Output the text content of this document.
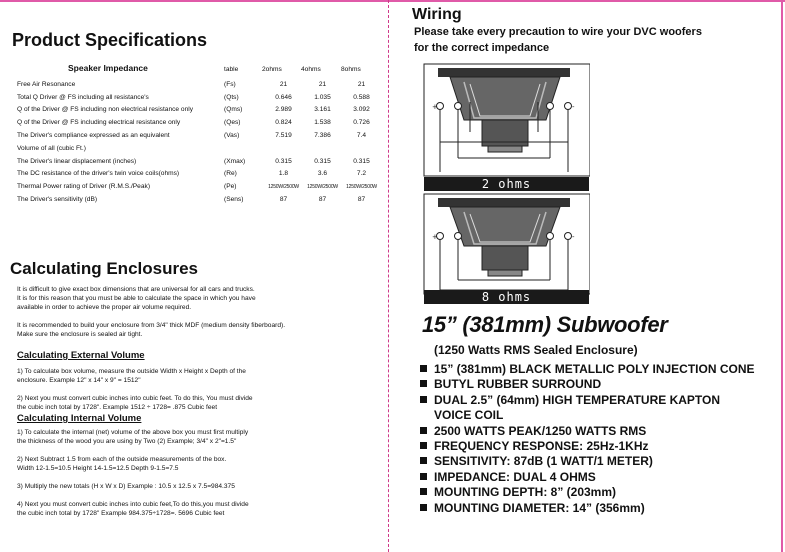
Product Specifications
Speaker Impedance	table	2ohms	4ohms	8ohms
Free Air Resonance	(Fs)	21	21	21
Total Q Driver @ FS including all resistance's	(Qts)	0.646	1.035	0.588
Q of the Driver @ FS including non electrical resistance only	(Qms)	2.989	3.161	3.092
Q of the Driver @ FS including electrical resistance only	(Qes)	0.824	1.538	0.726
The Driver's compliance expressed as an equivalent	(Vas)	7.519	7.386	7.4
Volume of all (cubic Ft.)				
The Driver's linear displacement (inches)	(Xmax)	0.315	0.315	0.315
The DC resistance of the driver's twin voice coils(ohms)	(Re)	1.8	3.6	7.2
Thermal Power rating of Driver (R.M.S./Peak)	(Pe)	1250W/2500W	1250W/2500W	1250W/2500W
The Driver's sensitivity (dB)	(Sens)	87	87	87
Calculating Enclosures
It is difficult to give exact box dimensions that are universal for all cars and trucks.
It is for this reason that you must be able to calculate the space in which you have
available in order to achieve the proper air volume required.
It is recommended to build your enclosure from 3/4" thick MDF (medium density fiberboard).
Make sure the enclosure is sealed air tight.
Calculating External Volume
1) To calculate box volume, measure the outside Width x Height x Depth of the
enclosure. Example 12" x 14" x 9" = 1512"
2) Next you must convert cubic inches into cubic feet. To do this, You must divide
the cubic inch total by 1728". Example 1512 ÷ 1728= .875 Cubic feet
Calculating Internal Volume
1) To calculate the internal (net) volume of the above box you must first multiply
the thickness of the wood you are using by Two (2) Example; 3/4" x 2"=1.5"
2) Next Subtract 1.5 from each of the outside measurements of the box.
Width 12-1.5=10.5 Height 14-1.5=12.5 Depth 9-1.5=7.5
3) Multiply the new totals (H x W x D) Example : 10.5 x 12.5 x 7.5=984.375
4) Next you must convert cubic inches into cubic feet,To do this,you must divide
the cubic inch total by 1728" Example 984.375÷1728=. 5696 Cubic feet
Wiring
Please take every precaution to wire your DVC woofers
for the correct impedance
+	-
2 ohms
+	-
8 ohms
15” (381mm) Subwoofer
(1250 Watts RMS Sealed Enclosure)
15” (381mm) BLACK METALLIC POLY INJECTION CONE
BUTYL RUBBER SURROUND
DUAL 2.5” (64mm) HIGH TEMPERATURE KAPTON
VOICE COIL
2500 WATTS PEAK/1250 WATTS RMS
FREQUENCY RESPONSE: 25Hz-1KHz
SENSITIVITY: 87dB (1 WATT/1 METER)
IMPEDANCE: DUAL 4 OHMS
MOUNTING DEPTH: 8” (203mm)
MOUNTING DIAMETER: 14” (356mm)
